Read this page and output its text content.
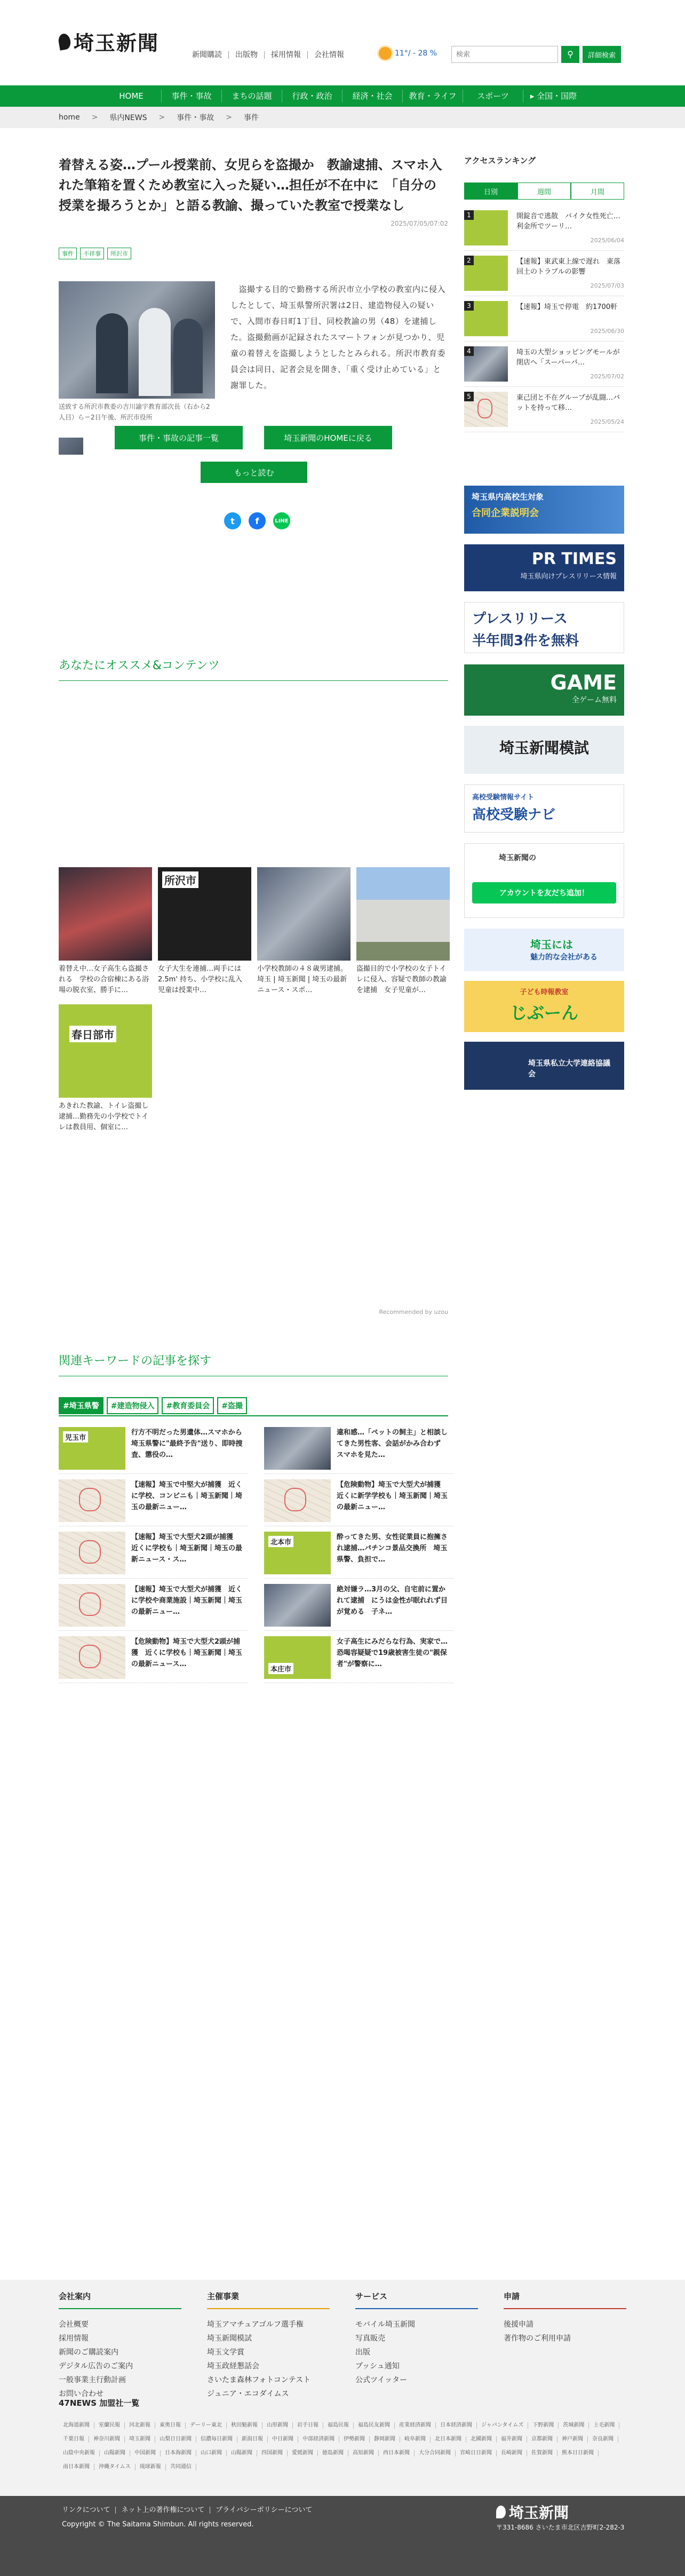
埼玉新聞	新聞購読	出版物	採用情報	会社情報	11°/ - 28 %
検索	⚲	詳細検索
HOME	事件・事故	まちの話題	行政・政治	経済・社会	教育・ライフ	スポーツ	▸ 全国・国際
home > 県内NEWS > 事件・事故 > 事件
着替える姿…プール授業前、女児らを盗撮か　教諭逮捕、スマホ入れた筆箱を置くため教室に入った疑い…担任が不在中に　「自分の授業を撮ろうとか」と語る教諭、撮っていた教室で授業なし
2025/07/05/07:02
事件	不祥事	所沢市
送致する所沢市教委の吉川諭宇教育部次長（右から2人目）ら＝2日午後、所沢市役所

　盗撮する目的で勤務する所沢市立小学校の教室内に侵入したとして、埼玉県警所沢署は2日、建造物侵入の疑いで、入間市春日町1丁目、同校教諭の男（48）を逮捕した。盗撮動画が記録されたスマートフォンが見つかり、児童の着替えを盗撮しようとしたとみられる。所沢市教育委員会は同日、記者会見を開き、「重く受け止めている」と謝罪した。

もっと読む
t	f	LINE
事件・事故の記事一覧	埼玉新聞のHOMEに戻る
あなたにオススメ&コンテンツ
着替え中…女子高生ら盗撮される　学校の合宿棟にある浴場の脱衣室、勝手に…
所沢市
女子大生を連捕…両手には2.5m' 持ち、小学校に乱入　児童は授業中…
小学校教師の４８歳男逮捕。埼玉 | 埼玉新聞 | 埼玉の最新ニュース・スポ…
盗撮目的で小学校の女子トイレに侵入、容疑で教師の教諭を逮捕　女子児童が…
春日部市
あきれた教諭、トイレ盗撮し逮捕…勤務先の小学校でトイレは教員用、個室に…
Recommended by uzou
関連キーワードの記事を探す
#埼玉県警	#建造物侵入	#教育委員会	#盗撮
児玉市
行方不明だった男遺体…スマホから埼玉県警に"最終予告"送り、即時捜査、懲役の…
違和感…「ペットの飼主」と相談してきた男性客、会話がかみ合わず　スマホを見た…
【速報】埼玉で中堅大が捕獲　近くに学校、コンビニも｜埼玉新聞｜埼玉の最新ニュー…
【危険動物】埼玉で大型犬が捕獲　近くに新学学校も｜埼玉新聞｜埼玉の最新ニュー…
【速報】埼玉で大型犬2頭が捕獲　近くに学校も｜埼玉新聞｜埼玉の最新ニュース・ス…
北本市
酔ってきた男、女性従業員に抱擁され逮捕…パチンコ景品交換所　埼玉県警、負担で…
【速報】埼玉で大型犬が捕獲　近くに学校や商業施設｜埼玉新聞｜埼玉の最新ニュー…
絶対嫌ラ…3月の父、自宅前に置かれて逮捕　にうは金性が眠れれず目が覚める　子ネ…
【危険動物】埼玉で大型犬2頭が捕獲　近くに学校も｜埼玉新聞｜埼玉の最新ニュース…
本庄市
女子高生にみだらな行為、実家で…恐喝容疑疑で19歳被害生徒の"親保者"が警察に…
アクセスランキング
日別	週間	月間
1	開錠音で逃散　バイク女性死亡…利金所でツーリ…
2025/06/04
2	【速報】東武東上線で遅れ　東落回土のトラブルの影響
2025/07/03
3	【速報】埼玉で停電　約1700軒
2025/06/30
4	埼玉の大型ショッピングモールが閉店へ「スーパーバ…
2025/07/02
5	東己団と不在グループが乱闘…バットを持って移…
2025/05/24
埼玉県内高校生対象
合同企業説明会
PR TIMES
埼玉県向けプレスリリース情報
プレスリリース
半年間3件を無料
GAME
全ゲーム無料
埼玉新聞模試
高校受験情報サイト
高校受験ナビ
埼玉新聞の
アカウントを友だち追加！
埼玉には
魅力的な会社がある
子ども時報教室
じぶーん
埼玉県私立大学連絡協議会
会社案内
会社概要
採用情報
新聞のご購読案内
デジタル広告のご案内
一般事業主行動計画
お問い合わせ
主催事業
埼玉アマチュアゴルフ選手権
埼玉新聞模試
埼玉文学賞
埼玉政経懇話会
さいたま森林フォトコンテスト
ジュニア・エコダイムス
サービス
モバイル埼玉新聞
写真販売
出版
プッシュ通知
公式ツイッター
申請
後援申請
著作物のご利用申請
47NEWS 加盟社一覧
北海道新聞	室蘭民報	河北新報	東奥日報	デーリー東北	秋田魁新報	山形新聞	岩手日報	福島民報	福島民友新聞	産業経済新聞	日本経済新聞	ジャパンタイムズ	下野新聞	茨城新聞	上毛新聞
千葉日報	神奈川新聞	埼玉新聞	山梨日日新聞	信濃毎日新聞	新潟日報	中日新聞	中部経済新聞	伊勢新聞	静岡新聞	岐阜新聞	北日本新聞	北國新聞	福井新聞	京都新聞	神戸新聞	奈良新聞
山陰中央新報	山陽新聞	中国新聞	日本海新聞	山口新聞	山陽新聞	四国新聞	愛媛新聞	徳島新聞	高知新聞	西日本新聞	大分合同新聞	宮崎日日新聞	長崎新聞	佐賀新聞	熊本日日新聞
南日本新聞	沖縄タイムス	琉球新報	共同通信
リンクについて	ネット上の著作権について	プライバシーポリシーについて
Copyright © The Saitama Shimbun. All rights reserved.
埼玉新聞
〒331-8686 さいたま市北区吉野町2-282-3
